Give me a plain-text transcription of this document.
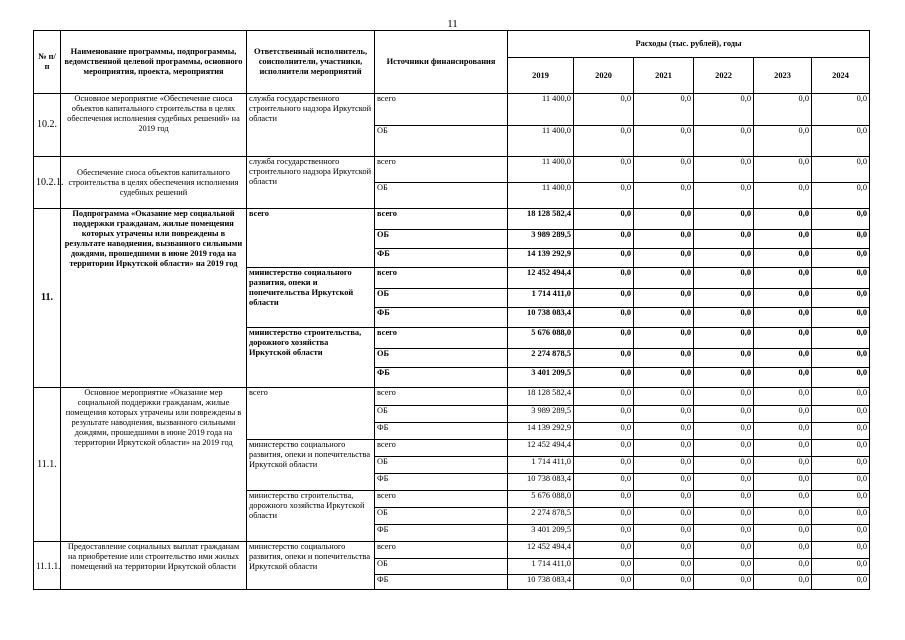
11
№ п/п	Наименование программы, подпрограммы, ведомственной целевой программы, основного мероприятия, проекта, мероприятия	Ответственный исполнитель, соисполнители, участники, исполнители мероприятий	Источники финансирования	Расходы (тыс. рублей), годы					
				2019	2020	2021	2022	2023	2024
10.2.	Основное мероприятие «Обеспечение сноса объектов капитального строительства в целях обеспечения исполнения судебных решений» на 2019 год	служба государственного строительного надзора Иркутской области	всего	11 400,0	0,0	0,0	0,0	0,0	0,0
			ОБ	11 400,0	0,0	0,0	0,0	0,0	0,0
10.2.1.	Обеспечение сноса объектов капитального строительства в целях обеспечения исполнения судебных решений	служба государственного строительного надзора Иркутской области	всего	11 400,0	0,0	0,0	0,0	0,0	0,0
			ОБ	11 400,0	0,0	0,0	0,0	0,0	0,0
11.	Подпрограмма «Оказание мер социальной поддержки гражданам, жилые помещения которых утрачены или повреждены в результате наводнения, вызванного сильными дождями, прошедшими в июне 2019 года на территории Иркутской области» на 2019 год	всего	всего	18 128 582,4	0,0	0,0	0,0	0,0	0,0
			ОБ	3 989 289,5	0,0	0,0	0,0	0,0	0,0
			ФБ	14 139 292,9	0,0	0,0	0,0	0,0	0,0
		министерство социального развития, опеки и попечительства Иркутской области	всего	12 452 494,4	0,0	0,0	0,0	0,0	0,0
			ОБ	1 714 411,0	0,0	0,0	0,0	0,0	0,0
			ФБ	10 738 083,4	0,0	0,0	0,0	0,0	0,0
		министерство строительства, дорожного хозяйства Иркутской области	всего	5 676 088,0	0,0	0,0	0,0	0,0	0,0
			ОБ	2 274 878,5	0,0	0,0	0,0	0,0	0,0
			ФБ	3 401 209,5	0,0	0,0	0,0	0,0	0,0
11.1.	Основное мероприятие «Оказание мер социальной поддержки гражданам, жилые помещения которых утрачены или повреждены в результате наводнения, вызванного сильными дождями, прошедшими в июне 2019 года на территории Иркутской области» на 2019 год	всего	всего	18 128 582,4	0,0	0,0	0,0	0,0	0,0
			ОБ	3 989 289,5	0,0	0,0	0,0	0,0	0,0
			ФБ	14 139 292,9	0,0	0,0	0,0	0,0	0,0
		министерство социального развития, опеки и попечительства Иркутской области	всего	12 452 494,4	0,0	0,0	0,0	0,0	0,0
			ОБ	1 714 411,0	0,0	0,0	0,0	0,0	0,0
			ФБ	10 738 083,4	0,0	0,0	0,0	0,0	0,0
		министерство строительства, дорожного хозяйства Иркутской области	всего	5 676 088,0	0,0	0,0	0,0	0,0	0,0
			ОБ	2 274 878,5	0,0	0,0	0,0	0,0	0,0
			ФБ	3 401 209,5	0,0	0,0	0,0	0,0	0,0
11.1.1.	Предоставление социальных выплат гражданам на приобретение или строительство ими жилых помещений на территории Иркутской области	министерство социального развития, опеки и попечительства Иркутской области	всего	12 452 494,4	0,0	0,0	0,0	0,0	0,0
			ОБ	1 714 411,0	0,0	0,0	0,0	0,0	0,0
			ФБ	10 738 083,4	0,0	0,0	0,0	0,0	0,0
